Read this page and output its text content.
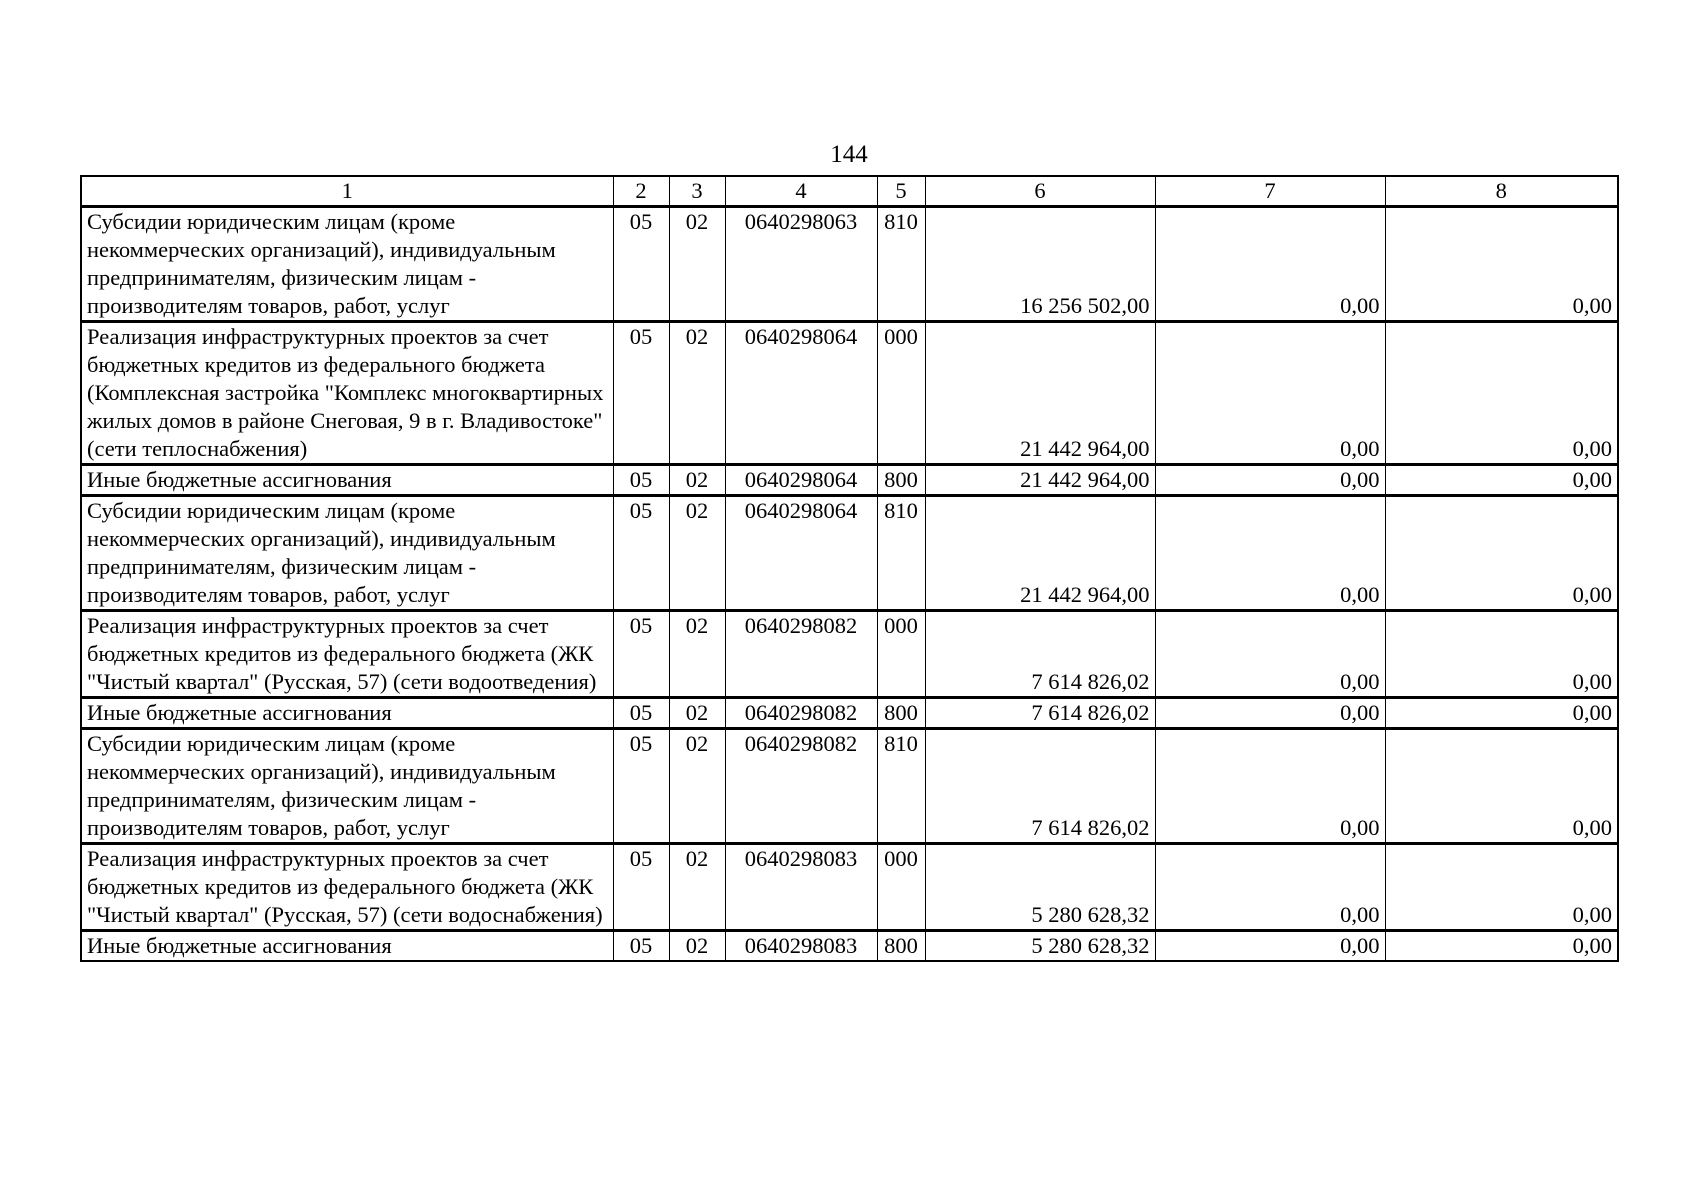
144
1	2	3	4	5	6	7	8
Субсидии юридическим лицам (кроме некоммерческих организаций), индивидуальным предпринимателям, физическим лицам - производителям товаров, работ, услуг	05	02	0640298063	810	16 256 502,00	0,00	0,00
Реализация инфраструктурных проектов за счет бюджетных кредитов из федерального бюджета (Комплексная застройка "Комплекс многоквартирных жилых домов в районе Снеговая, 9 в г. Владивостоке" (сети теплоснабжения)	05	02	0640298064	000	21 442 964,00	0,00	0,00
Иные бюджетные ассигнования	05	02	0640298064	800	21 442 964,00	0,00	0,00
Субсидии юридическим лицам (кроме некоммерческих организаций), индивидуальным предпринимателям, физическим лицам - производителям товаров, работ, услуг	05	02	0640298064	810	21 442 964,00	0,00	0,00
Реализация инфраструктурных проектов за счет бюджетных кредитов из федерального бюджета (ЖК "Чистый квартал" (Русская, 57) (сети водоотведения)	05	02	0640298082	000	7 614 826,02	0,00	0,00
Иные бюджетные ассигнования	05	02	0640298082	800	7 614 826,02	0,00	0,00
Субсидии юридическим лицам (кроме некоммерческих организаций), индивидуальным предпринимателям, физическим лицам - производителям товаров, работ, услуг	05	02	0640298082	810	7 614 826,02	0,00	0,00
Реализация инфраструктурных проектов за счет бюджетных кредитов из федерального бюджета (ЖК "Чистый квартал" (Русская, 57) (сети водоснабжения)	05	02	0640298083	000	5 280 628,32	0,00	0,00
Иные бюджетные ассигнования	05	02	0640298083	800	5 280 628,32	0,00	0,00
